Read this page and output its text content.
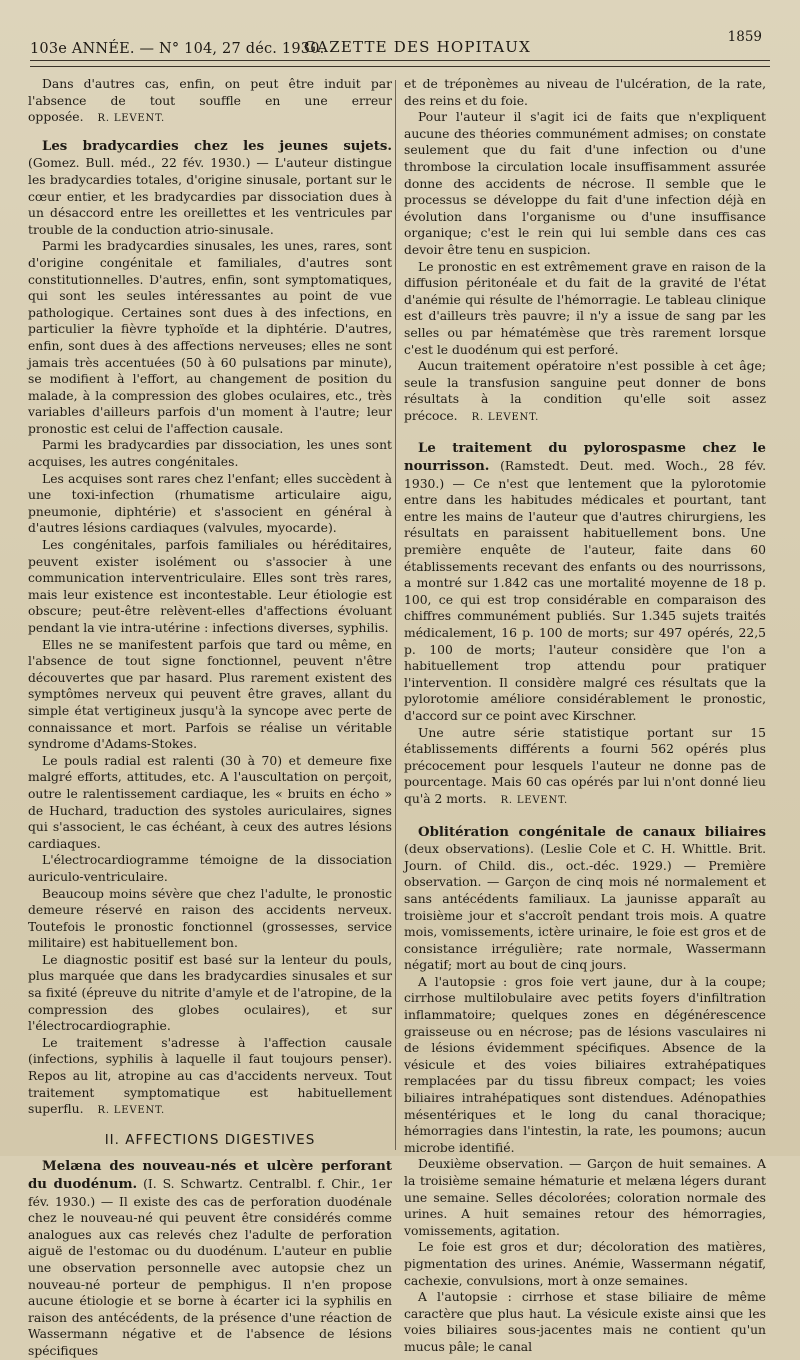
103e ANNÉE. — N° 104, 27 déc. 1930.
GAZETTE DES HOPITAUX
1859

Dans d'autres cas, enfin, on peut être induit par l'absence de tout souffle en une erreur opposée. R. LEVENT.

Les bradycardies chez les jeunes sujets. (Gomez. Bull. méd., 22 fév. 1930.) — L'auteur distingue les bradycardies totales, d'origine sinusale, portant sur le cœur entier, et les bradycardies par dissociation dues à un désaccord entre les oreillettes et les ventricules par trouble de la conduction atrio-sinusale.

Parmi les bradycardies sinusales, les unes, rares, sont d'origine congénitale et familiales, d'autres sont constitutionnelles. D'autres, enfin, sont symptomatiques, qui sont les seules intéressantes au point de vue pathologique. Certaines sont dues à des infections, en particulier la fièvre typhoïde et la diphtérie. D'autres, enfin, sont dues à des affections nerveuses; elles ne sont jamais très accentuées (50 à 60 pulsations par minute), se modifient à l'effort, au changement de position du malade, à la compression des globes oculaires, etc., très variables d'ailleurs parfois d'un moment à l'autre; leur pronostic est celui de l'affection causale.

Parmi les bradycardies par dissociation, les unes sont acquises, les autres congénitales.

Les acquises sont rares chez l'enfant; elles succèdent à une toxi-infection (rhumatisme articulaire aigu, pneumonie, diphtérie) et s'associent en général à d'autres lésions cardiaques (valvules, myocarde).

Les congénitales, parfois familiales ou héréditaires, peuvent exister isolément ou s'associer à une communication interventriculaire. Elles sont très rares, mais leur existence est incontestable. Leur étiologie est obscure; peut-être relèvent-elles d'affections évoluant pendant la vie intra-utérine : infections diverses, syphilis.

Elles ne se manifestent parfois que tard ou même, en l'absence de tout signe fonctionnel, peuvent n'être découvertes que par hasard. Plus rarement existent des symptômes nerveux qui peuvent être graves, allant du simple état vertigineux jusqu'à la syncope avec perte de connaissance et mort. Parfois se réalise un véritable syndrome d'Adams-Stokes.

Le pouls radial est ralenti (30 à 70) et demeure fixe malgré efforts, attitudes, etc. A l'auscultation on perçoit, outre le ralentissement cardiaque, les « bruits en écho » de Huchard, traduction des systoles auriculaires, signes qui s'associent, le cas échéant, à ceux des autres lésions cardiaques.

L'électrocardiogramme témoigne de la dissociation auriculo-ventriculaire.

Beaucoup moins sévère que chez l'adulte, le pronostic demeure réservé en raison des accidents nerveux. Toutefois le pronostic fonctionnel (grossesses, service militaire) est habituellement bon.

Le diagnostic positif est basé sur la lenteur du pouls, plus marquée que dans les bradycardies sinusales et sur sa fixité (épreuve du nitrite d'amyle et de l'atropine, de la compression des globes oculaires), et sur l'électrocardiographie.

Le traitement s'adresse à l'affection causale (infections, syphilis à laquelle il faut toujours penser). Repos au lit, atropine au cas d'accidents nerveux. Tout traitement symptomatique est habituellement superflu. R. LEVENT.

II. AFFECTIONS DIGESTIVES

Melæna des nouveau-nés et ulcère perforant du duodénum. (I. S. Schwartz. Centralbl. f. Chir., 1er fév. 1930.) — Il existe des cas de perforation duodénale chez le nouveau-né qui peuvent être considérés comme analogues aux cas relevés chez l'adulte de perforation aiguë de l'estomac ou du duodénum. L'auteur en publie une observation personnelle avec autopsie chez un nouveau-né porteur de pemphigus. Il n'en propose aucune étiologie et se borne à écarter ici la syphilis en raison des antécédents, de la présence d'une réaction de Wassermann négative et de l'absence de lésions spécifiques

et de tréponèmes au niveau de l'ulcération, de la rate, des reins et du foie.

Pour l'auteur il s'agit ici de faits que n'expliquent aucune des théories communément admises; on constate seulement que du fait d'une infection ou d'une thrombose la circulation locale insuffisamment assurée donne des accidents de nécrose. Il semble que le processus se développe du fait d'une infection déjà en évolution dans l'organisme ou d'une insuffisance organique; c'est le rein qui lui semble dans ces cas devoir être tenu en suspicion.

Le pronostic en est extrêmement grave en raison de la diffusion péritonéale et du fait de la gravité de l'état d'anémie qui résulte de l'hémorragie. Le tableau clinique est d'ailleurs très pauvre; il n'y a issue de sang par les selles ou par hématémèse que très rarement lorsque c'est le duodénum qui est perforé.

Aucun traitement opératoire n'est possible à cet âge; seule la transfusion sanguine peut donner de bons résultats à la condition qu'elle soit assez précoce. R. LEVENT.

Le traitement du pylorospasme chez le nourrisson. (Ramstedt. Deut. med. Woch., 28 fév. 1930.) — Ce n'est que lentement que la pylorotomie entre dans les habitudes médicales et pourtant, tant entre les mains de l'auteur que d'autres chirurgiens, les résultats en paraissent habituellement bons. Une première enquête de l'auteur, faite dans 60 établissements recevant des enfants ou des nourrissons, a montré sur 1.842 cas une mortalité moyenne de 18 p. 100, ce qui est trop considérable en comparaison des chiffres communément publiés. Sur 1.345 sujets traités médicalement, 16 p. 100 de morts; sur 497 opérés, 22,5 p. 100 de morts; l'auteur considère que l'on a habituellement trop attendu pour pratiquer l'intervention. Il considère malgré ces résultats que la pylorotomie améliore considérablement le pronostic, d'accord sur ce point avec Kirschner.

Une autre série statistique portant sur 15 établissements différents a fourni 562 opérés plus précocement pour lesquels l'auteur ne donne pas de pourcentage. Mais 60 cas opérés par lui n'ont donné lieu qu'à 2 morts. R. LEVENT.

Oblitération congénitale de canaux biliaires (deux observations). (Leslie Cole et C. H. Whittle. Brit. Journ. of Child. dis., oct.-déc. 1929.) — Première observation. — Garçon de cinq mois né normalement et sans antécédents familiaux. La jaunisse apparaît au troisième jour et s'accroît pendant trois mois. A quatre mois, vomissements, ictère urinaire, le foie est gros et de consistance irrégulière; rate normale, Wassermann négatif; mort au bout de cinq jours.

A l'autopsie : gros foie vert jaune, dur à la coupe; cirrhose multilobulaire avec petits foyers d'infiltration inflammatoire; quelques zones en dégénérescence graisseuse ou en nécrose; pas de lésions vasculaires ni de lésions évidemment spécifiques. Absence de la vésicule et des voies biliaires extrahépatiques remplacées par du tissu fibreux compact; les voies biliaires intrahépatiques sont distendues. Adénopathies mésentériques et le long du canal thoracique; hémorragies dans l'intestin, la rate, les poumons; aucun microbe identifié.

Deuxième observation. — Garçon de huit semaines. A la troisième semaine hématurie et melæna légers durant une semaine. Selles décolorées; coloration normale des urines. A huit semaines retour des hémorragies, vomissements, agitation.

Le foie est gros et dur; décoloration des matières, pigmentation des urines. Anémie, Wassermann négatif, cachexie, convulsions, mort à onze semaines.

A l'autopsie : cirrhose et stase biliaire de même caractère que plus haut. La vésicule existe ainsi que les voies biliaires sous-jacentes mais ne contient qu'un mucus pâle; le canal
